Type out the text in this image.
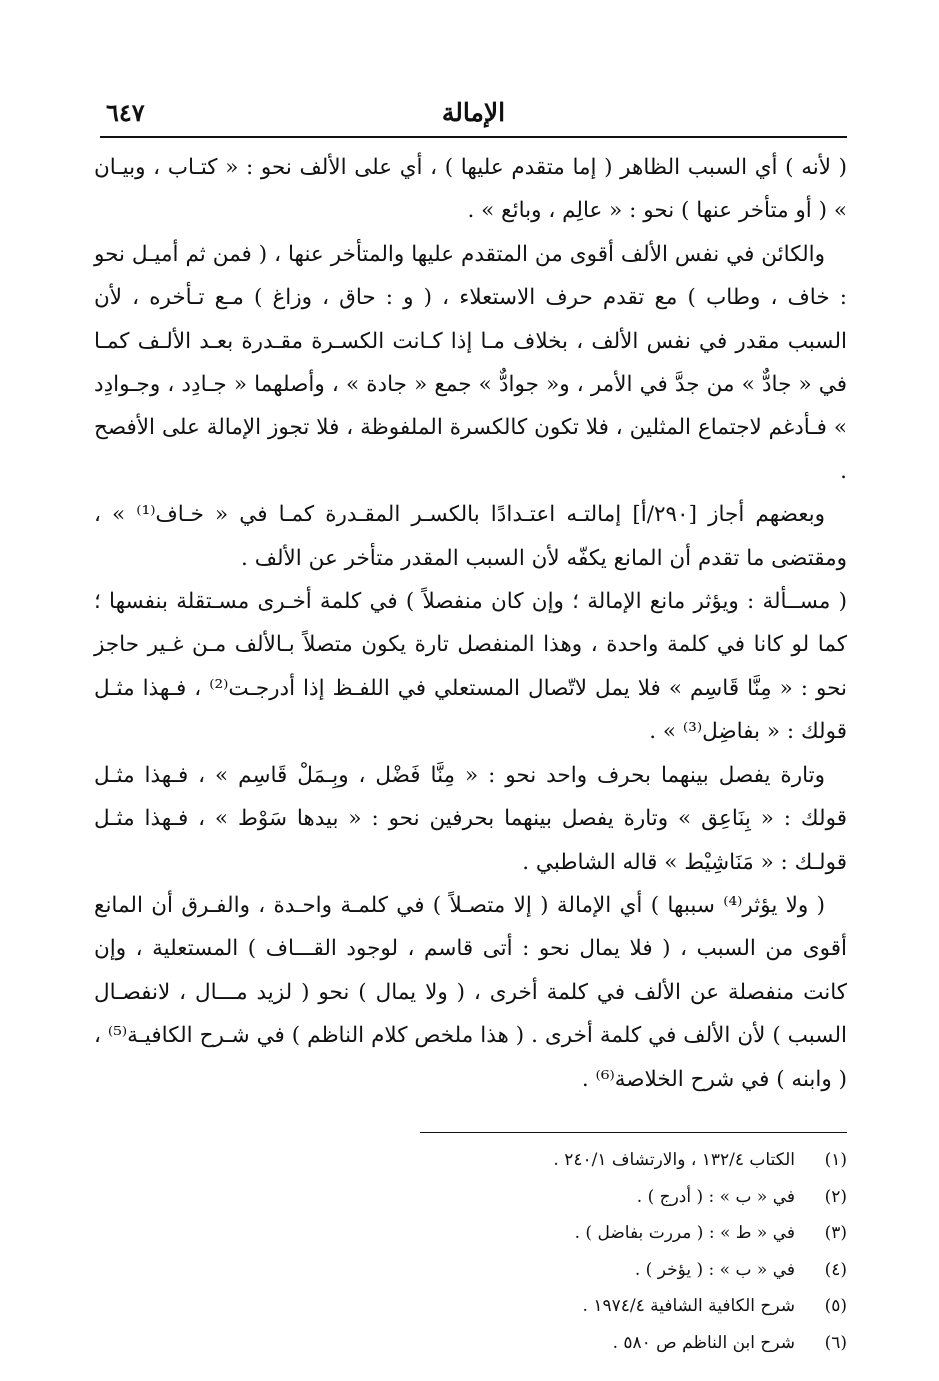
الإمالة
٦٤٧

( لأنه ) أي السبب الظاهر ( إما متقدم عليها ) ، أي على الألف نحو : « كتـاب ، وبيـان » ( أو متأخر عنها ) نحو : « عالِم ، وبائع » .

والكائن في نفس الألف أقوى من المتقدم عليها والمتأخر عنها ، ( فمن ثم أميـل نحو : خاف ، وطاب ) مع تقدم حرف الاستعلاء ، ( و : حاق ، وزاغ ) مـع تـأخره ، لأن السبب مقدر في نفس الألف ، بخلاف مـا إذا كـانت الكسـرة مقـدرة بعـد الألـف كمـا في « جادٌّ » من جدَّ في الأمر ، و« جوادٌّ » جمع « جادة » ، وأصلهما « جـادِد ، وجـوادِد » فـأدغم لاجتماع المثلين ، فلا تكون كالكسرة الملفوظة ، فلا تجوز الإمالة على الأفصح .

وبعضهم أجاز [٢٩٠/أ] إمالتـه اعتـدادًا بالكسـر المقـدرة كمـا في « خـاف⁽¹⁾ » ، ومقتضى ما تقدم أن المانع يكفّه لأن السبب المقدر متأخر عن الألف .

( مســألة : ويؤثر مانع الإمالة ؛ وإن كان منفصلاً ) في كلمة أخـرى مسـتقلة بنفسها ؛ كما لو كانا في كلمة واحدة ، وهذا المنفصل تارة يكون متصلاً بـالألف مـن غـير حاجز نحو : « مِنَّا قَاسِم » فلا يمل لاتّصال المستعلي في اللفـظ إذا أدرجـت⁽²⁾ ، فـهذا مثـل قولك : « بفاضِل⁽³⁾ » .

وتارة يفصل بينهما بحرف واحد نحو : « مِنَّا فَضْل ، وبِـمَلْ قَاسِم » ، فـهذا مثـل قولك : « بِنَاعِق » وتارة يفصل بينهما بحرفين نحو : « بيدها سَوْط » ، فـهذا مثـل قولـك : « مَنَاشِيْط » قاله الشاطبي .

( ولا يؤثر⁽⁴⁾ سببها ) أي الإمالة ( إلا متصـلاً ) في كلمـة واحـدة ، والفـرق أن المانع أقوى من السبب ، ( فلا يمال نحو : أتى قاسم ، لوجود القـــاف ) المستعلية ، وإن كانت منفصلة عن الألف في كلمة أخرى ، ( ولا يمال ) نحو ( لزيد مـــال ، لانفصـال السبب ) لأن الألف في كلمة أخرى . ( هذا ملخص كلام الناظم ) في شـرح الكافيـة⁽⁵⁾ ، ( وابنه ) في شرح الخلاصة⁽⁶⁾ .

(١)
الكتاب ١٣٢/٤ ، والارتشاف ٢٤٠/١ .
(٢)
في « ب » : ( أدرج ) .
(٣)
في « ط » : ( مررت بفاضل ) .
(٤)
في « ب » : ( يؤخر ) .
(٥)
شرح الكافية الشافية ١٩٧٤/٤ .
(٦)
شرح ابن الناظم ص ٥٨٠ .
